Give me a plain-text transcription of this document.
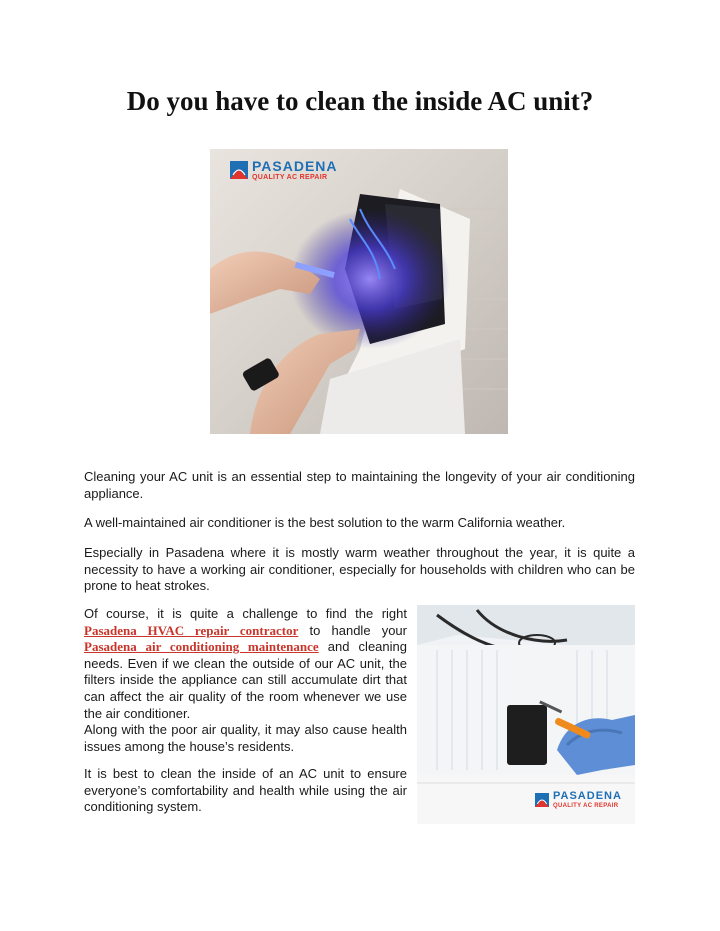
Do you have to clean the inside AC unit?
PASADENA
QUALITY AC REPAIR

Cleaning your AC unit is an essential step to maintaining the longevity of your air conditioning appliance.

A well-maintained air conditioner is the best solution to the warm California weather.

Especially in Pasadena where it is mostly warm weather throughout the year, it is quite a necessity to have a working air conditioner, especially for households with children who can be prone to heat strokes.

Of course, it is quite a challenge to find the right Pasadena HVAC repair contractor to handle your Pasadena air conditioning maintenance and cleaning needs. Even if we clean the outside of our AC unit, the filters inside the appliance can still accumulate dirt that can affect the air quality of the room whenever we use the air conditioner.
Along with the poor air quality, it may also cause health issues among the house’s residents.

It is best to clean the inside of an AC unit to ensure everyone’s comfortability and health while using the air conditioning system.

PASADENA
QUALITY AC REPAIR
